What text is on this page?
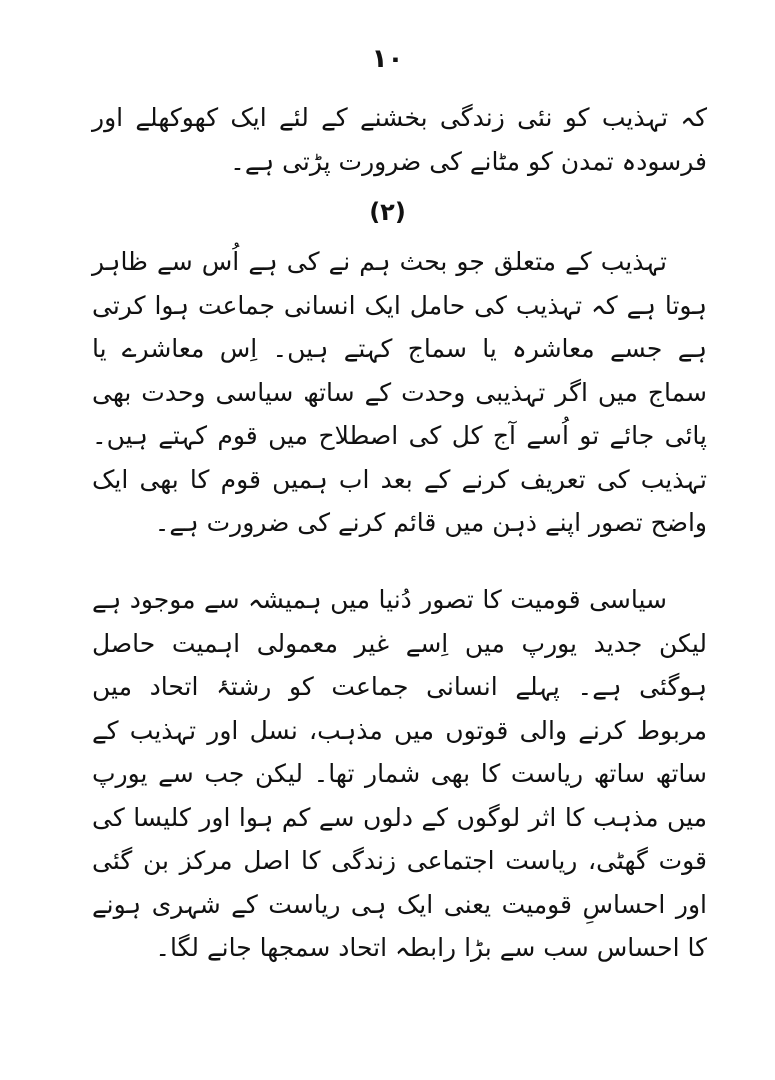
۱۰
کہ تہذیب کو نئی زندگی بخشنے کے لئے ایک کھوکھلے اور فرسودہ تمدن کو مٹانے کی ضرورت پڑتی ہے۔
(۲)
تہذیب کے متعلق جو بحث ہم نے کی ہے اُس سے ظاہر ہوتا ہے کہ تہذیب کی حامل ایک انسانی جماعت ہوا کرتی ہے جسے معاشرہ یا سماج کہتے ہیں۔ اِس معاشرے یا سماج میں اگر تہذیبی وحدت کے ساتھ سیاسی وحدت بھی پائی جائے تو اُسے آج کل کی اصطلاح میں قوم کہتے ہیں۔ تہذیب کی تعریف کرنے کے بعد اب ہمیں قوم کا بھی ایک واضح تصور اپنے ذہن میں قائم کرنے کی ضرورت ہے۔
سیاسی قومیت کا تصور دُنیا میں ہمیشہ سے موجود ہے لیکن جدید یورپ میں اِسے غیر معمولی اہمیت حاصل ہوگئی ہے۔ پہلے انسانی جماعت کو رشتۂ اتحاد میں مربوط کرنے والی قوتوں میں مذہب، نسل اور تہذیب کے ساتھ ساتھ ریاست کا بھی شمار تھا۔ لیکن جب سے یورپ میں مذہب کا اثر لوگوں کے دلوں سے کم ہوا اور کلیسا کی قوت گھٹی، ریاست اجتماعی زندگی کا اصل مرکز بن گئی اور احساسِ قومیت یعنی ایک ہی ریاست کے شہری ہونے کا احساس سب سے بڑا رابطہ اتحاد سمجھا جانے لگا۔
